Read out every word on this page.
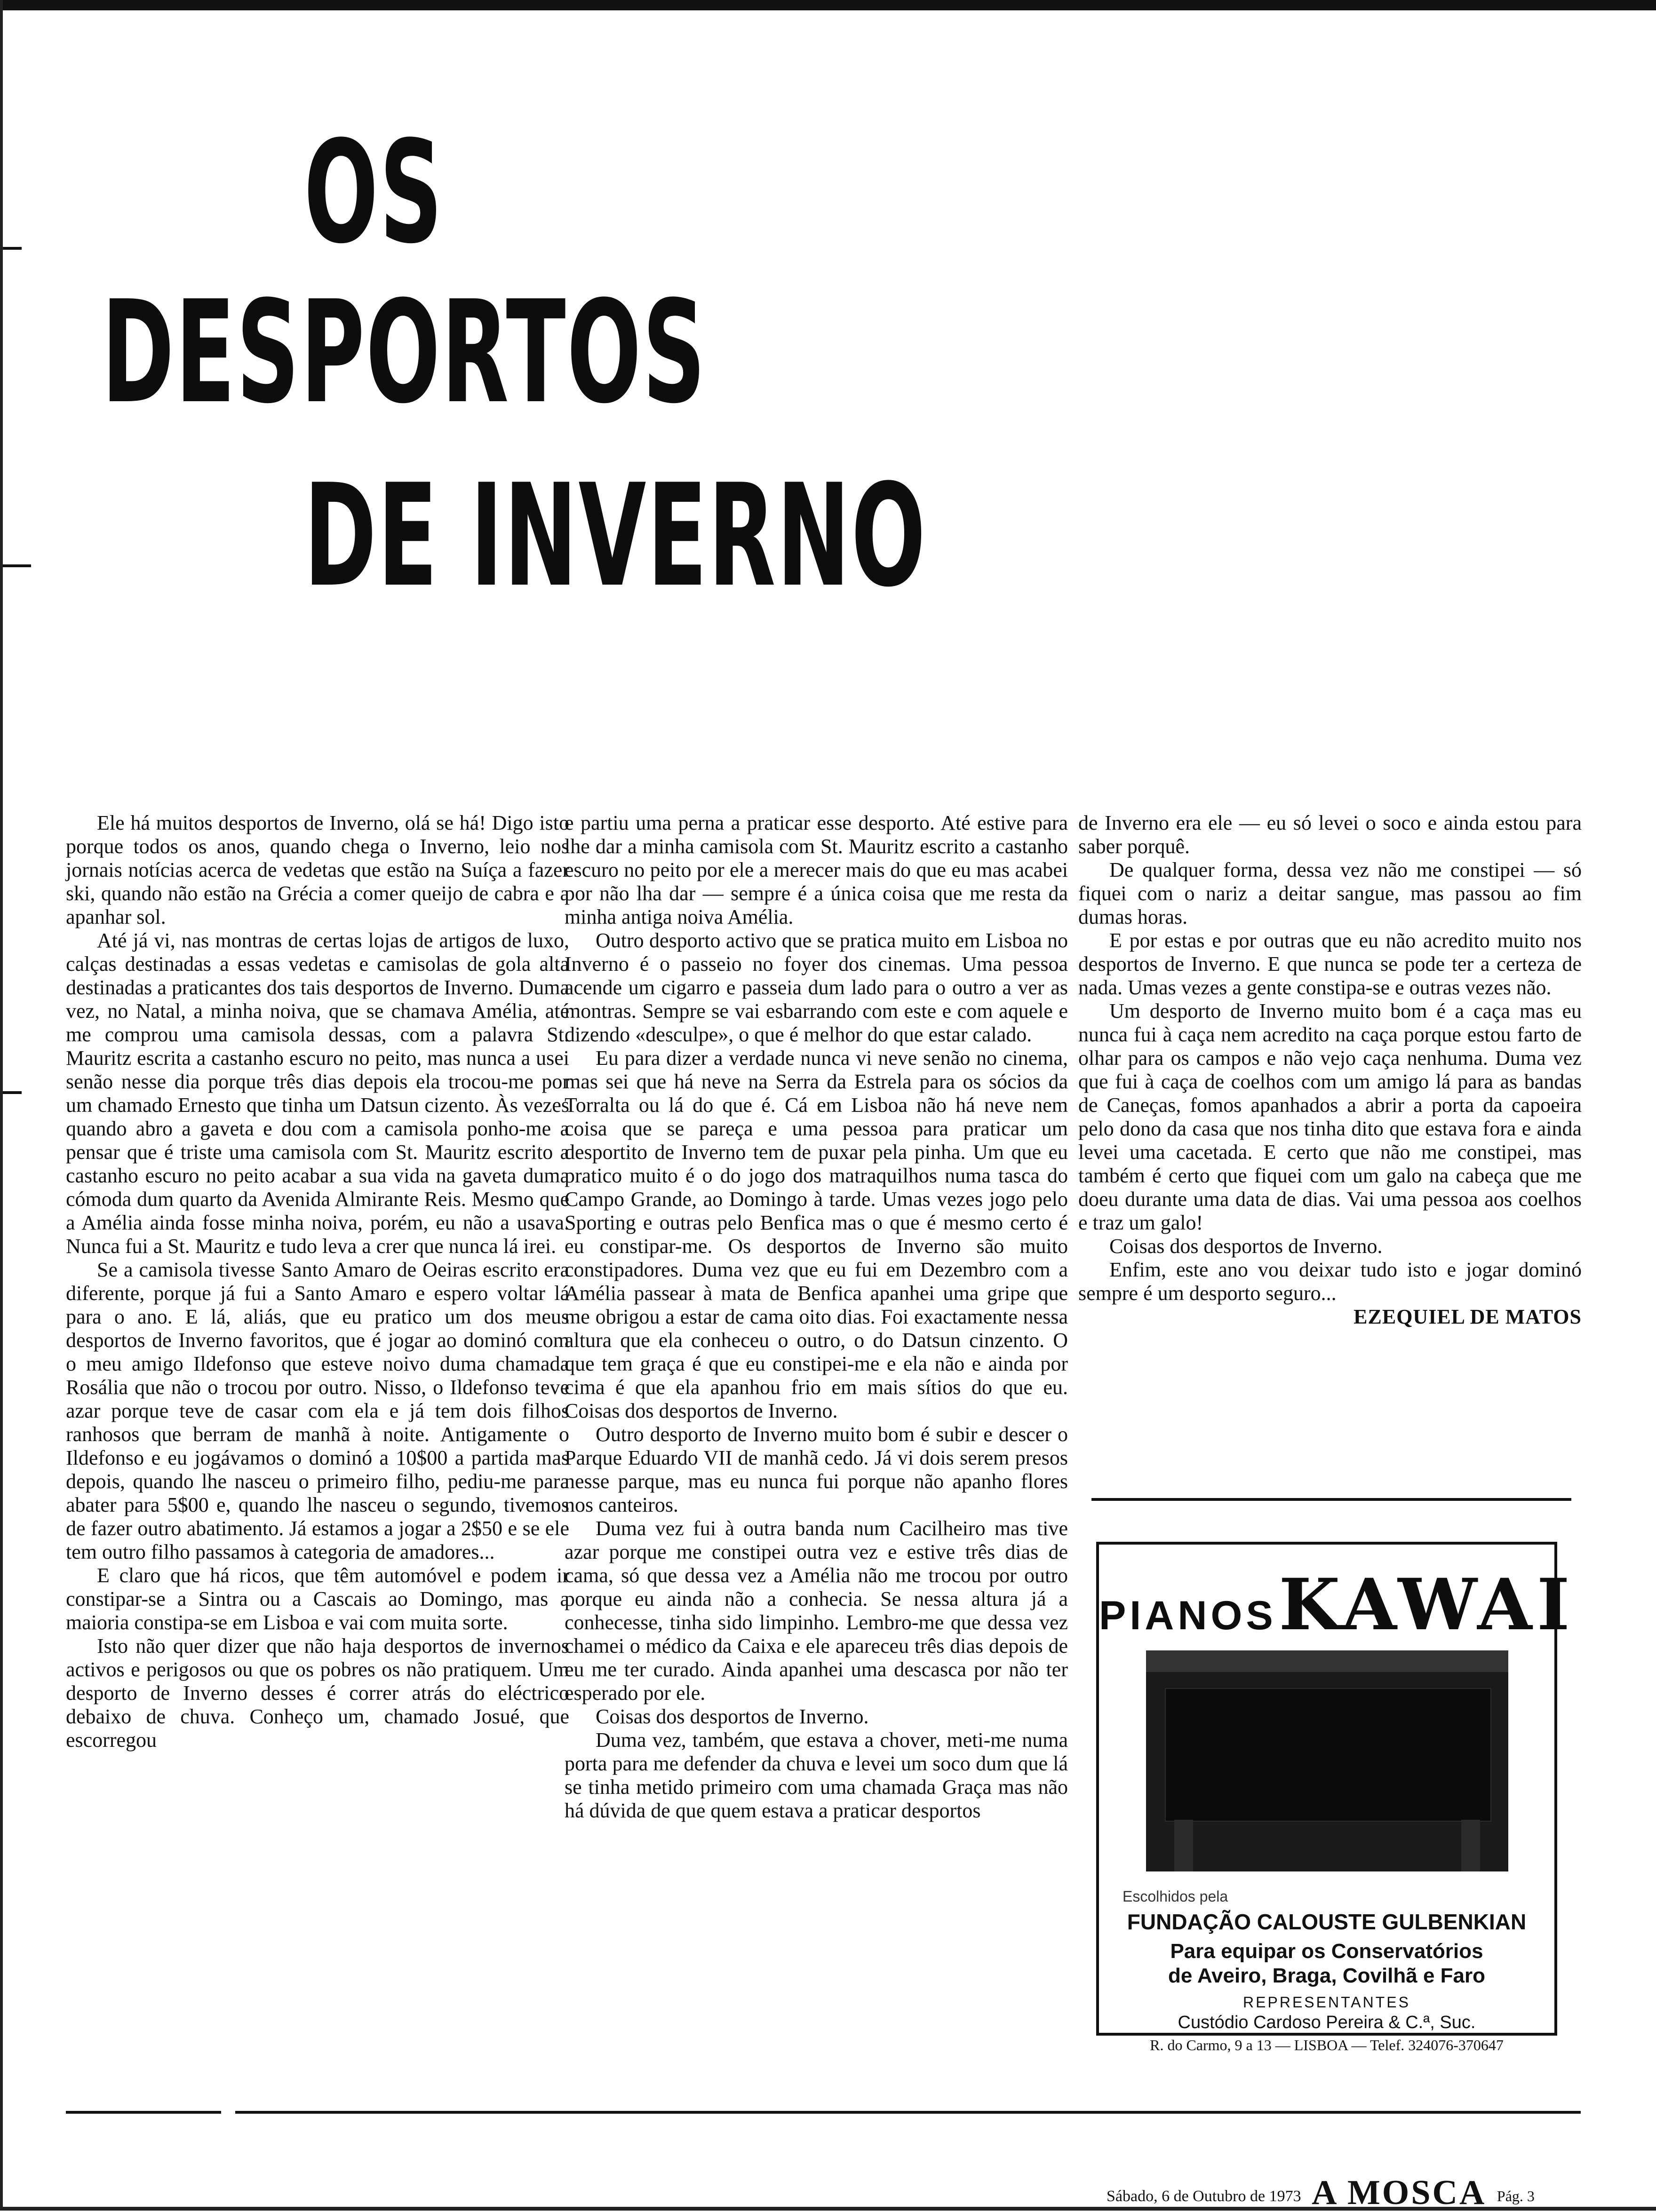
OS
DESPORTOS
DE INVERNO

Ele há muitos desportos de Inverno, olá se há! Digo isto porque todos os anos, quando chega o Inverno, leio nos jornais notícias acerca de vedetas que estão na Suíça a fazer ski, quando não estão na Grécia a comer queijo de cabra e a apanhar sol.

Até já vi, nas montras de certas lojas de artigos de luxo, calças destinadas a essas vedetas e camisolas de gola alta destinadas a praticantes dos tais desportos de Inverno. Duma vez, no Natal, a minha noiva, que se chamava Amélia, até me comprou uma camisola dessas, com a palavra St. Mauritz escrita a castanho escuro no peito, mas nunca a usei senão nesse dia porque três dias depois ela trocou-me por um chamado Ernesto que tinha um Datsun cizento. Às vezes quando abro a gaveta e dou com a camisola ponho-me a pensar que é triste uma camisola com St. Mauritz escrito a castanho escuro no peito acabar a sua vida na gaveta duma cómoda dum quarto da Avenida Almirante Reis. Mesmo que a Amélia ainda fosse minha noiva, porém, eu não a usava. Nunca fui a St. Mauritz e tudo leva a crer que nunca lá irei.

Se a camisola tivesse Santo Amaro de Oeiras escrito era diferente, porque já fui a Santo Amaro e espero voltar lá para o ano. E lá, aliás, que eu pratico um dos meus desportos de Inverno favoritos, que é jogar ao dominó com o meu amigo Ildefonso que esteve noivo duma chamada Rosália que não o trocou por outro. Nisso, o Ildefonso teve azar porque teve de casar com ela e já tem dois filhos ranhosos que berram de manhã à noite. Antigamente o Ildefonso e eu jogávamos o dominó a 10$00 a partida mas depois, quando lhe nasceu o primeiro filho, pediu-me para abater para 5$00 e, quando lhe nasceu o segundo, tivemos de fazer outro abatimento. Já estamos a jogar a 2$50 e se ele tem outro filho passamos à categoria de amadores...

E claro que há ricos, que têm automóvel e podem ir constipar-se a Sintra ou a Cascais ao Domingo, mas a maioria constipa-se em Lisboa e vai com muita sorte.

Isto não quer dizer que não haja desportos de invernos activos e perigosos ou que os pobres os não pratiquem. Um desporto de Inverno desses é correr atrás do eléctrico debaixo de chuva. Conheço um, chamado Josué, que escorregou

e partiu uma perna a praticar esse desporto. Até estive para lhe dar a minha camisola com St. Mauritz escrito a castanho escuro no peito por ele a merecer mais do que eu mas acabei por não lha dar — sempre é a única coisa que me resta da minha antiga noiva Amélia.

Outro desporto activo que se pratica muito em Lisboa no Inverno é o passeio no foyer dos cinemas. Uma pessoa acende um cigarro e passeia dum lado para o outro a ver as montras. Sempre se vai esbarrando com este e com aquele e dizendo «desculpe», o que é melhor do que estar calado.

Eu para dizer a verdade nunca vi neve senão no cinema, mas sei que há neve na Serra da Estrela para os sócios da Torralta ou lá do que é. Cá em Lisboa não há neve nem coisa que se pareça e uma pessoa para praticar um desportito de Inverno tem de puxar pela pinha. Um que eu pratico muito é o do jogo dos matraquilhos numa tasca do Campo Grande, ao Domingo à tarde. Umas vezes jogo pelo Sporting e outras pelo Benfica mas o que é mesmo certo é eu constipar-me. Os desportos de Inverno são muito constipadores. Duma vez que eu fui em Dezembro com a Amélia passear à mata de Benfica apanhei uma gripe que me obrigou a estar de cama oito dias. Foi exactamente nessa altura que ela conheceu o outro, o do Datsun cinzento. O que tem graça é que eu constipei-me e ela não e ainda por cima é que ela apanhou frio em mais sítios do que eu. Coisas dos desportos de Inverno.

Outro desporto de Inverno muito bom é subir e descer o Parque Eduardo VII de manhã cedo. Já vi dois serem presos nesse parque, mas eu nunca fui porque não apanho flores nos canteiros.

Duma vez fui à outra banda num Cacilheiro mas tive azar porque me constipei outra vez e estive três dias de cama, só que dessa vez a Amélia não me trocou por outro porque eu ainda não a conhecia. Se nessa altura já a conhecesse, tinha sido limpinho. Lembro-me que dessa vez chamei o médico da Caixa e ele apareceu três dias depois de eu me ter curado. Ainda apanhei uma descasca por não ter esperado por ele.

Coisas dos desportos de Inverno.

Duma vez, também, que estava a chover, meti-me numa porta para me defender da chuva e levei um soco dum que lá se tinha metido primeiro com uma chamada Graça mas não há dúvida de que quem estava a praticar desportos

de Inverno era ele — eu só levei o soco e ainda estou para saber porquê.

De qualquer forma, dessa vez não me constipei — só fiquei com o nariz a deitar sangue, mas passou ao fim dumas horas.

E por estas e por outras que eu não acredito muito nos desportos de Inverno. E que nunca se pode ter a certeza de nada. Umas vezes a gente constipa-se e outras vezes não.

Um desporto de Inverno muito bom é a caça mas eu nunca fui à caça nem acredito na caça porque estou farto de olhar para os campos e não vejo caça nenhuma. Duma vez que fui à caça de coelhos com um amigo lá para as bandas de Caneças, fomos apanhados a abrir a porta da capoeira pelo dono da casa que nos tinha dito que estava fora e ainda levei uma cacetada. E certo que não me constipei, mas também é certo que fiquei com um galo na cabeça que me doeu durante uma data de dias. Vai uma pessoa aos coelhos e traz um galo!

Coisas dos desportos de Inverno.

Enfim, este ano vou deixar tudo isto e jogar dominó sempre é um desporto seguro...

EZEQUIEL DE MATOS
PIANOS KAWAI
Escolhidos pela
FUNDAÇÃO CALOUSTE GULBENKIAN
Para equipar os Conservatórios
de Aveiro, Braga, Covilhã e Faro
REPRESENTANTES
Custódio Cardoso Pereira & C.ª, Suc.
R. do Carmo, 9 a 13 — LISBOA — Telef. 324076-370647
Sábado, 6 de Outubro de 1973 A MOSCA Pág. 3
